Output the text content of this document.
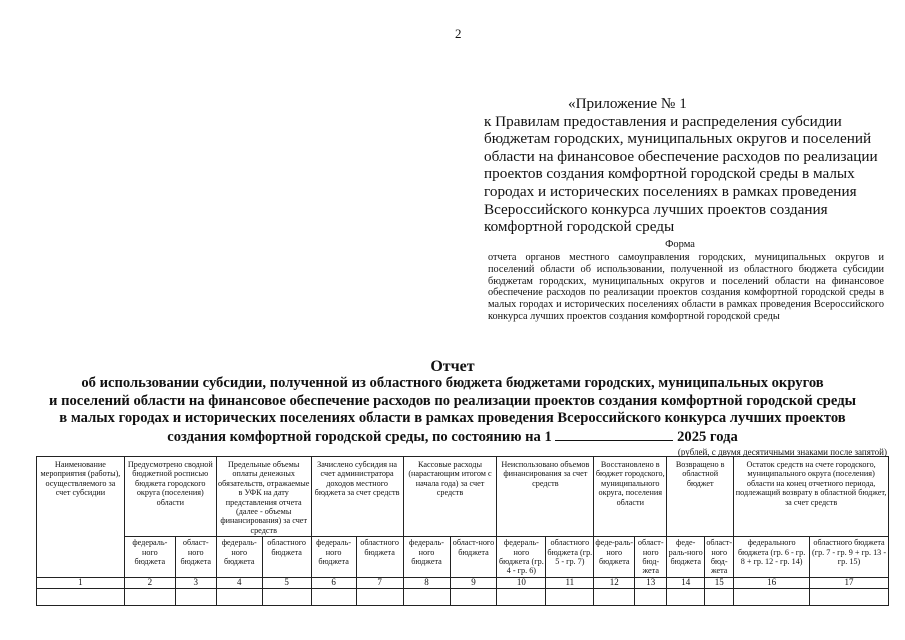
2
«Приложение № 1
к Правилам предоставления и распределения субсидии
бюджетам городских, муниципальных округов и поселений
области на финансовое обеспечение расходов по реализации
проектов создания комфортной городской среды в малых
городах и исторических поселениях в рамках проведения
Всероссийского конкурса лучших проектов создания
комфортной городской среды
Форма
отчета органов местного самоуправления городских, муниципальных округов и поселений области об использовании, полученной из областного бюджета субсидии бюджетам городских, муниципальных округов и поселений области на финансовое обеспечение расходов по реализации проектов создания комфортной городской среды в малых городах и исторических поселениях области в рамках проведения Всероссийского конкурса лучших проектов создания комфортной городской среды
Отчет
об использовании субсидии, полученной из областного бюджета бюджетами городских, муниципальных округов
и поселений области на финансовое обеспечение расходов по реализации проектов создания комфортной городской среды
в малых городах и исторических поселениях области в рамках проведения Всероссийского конкурса лучших проектов
создания комфортной городской среды, по состоянию на 1	2025 года
(рублей, с двумя десятичными знаками после запятой)
Наименование мероприятия (работы), осуществляемого за счет субсидии	Предусмотрено сводной бюджетной росписью бюджета городского округа (поселения) области		Предельные объемы оплаты денежных обязательств, отражаемые в УФК на дату представления отчета (далее - объемы финансирования) за счет средств		Зачислено субсидия на счет администратора доходов местного бюджета за счет средств		Кассовые расходы (нарастающим итогом с начала года) за счет средств		Неиспользовано объемов финансирования за счет средств		Восстановлено в бюджет городского, муниципального округа, поселения области		Возвращено в областной бюджет		Остаток средств на счете городского, муниципального округа (поселения) области на конец отчетного периода, подлежащий возврату в областной бюджет, за счет средств	
	федераль-ного бюджета	област-ного бюджета	федераль-ного бюджета	областного бюджета	федераль-ного бюджета	областного бюджета	федераль-ного бюджета	област-ного бюджета	федераль-ного бюджета (гр. 4 - гр. 6)	областного бюджета (гр. 5 - гр. 7)	феде-раль-ного бюджета	област-ного бюд-жета	феде-раль-ного бюджета	област-ного бюд-жета	федерального бюджета (гр. 6 - гр. 8 + гр. 12 - гр. 14)	областного бюджета (гр. 7 - гр. 9 + гр. 13 - гр. 15)
1	2	3	4	5	6	7	8	9	10	11	12	13	14	15	16	17
